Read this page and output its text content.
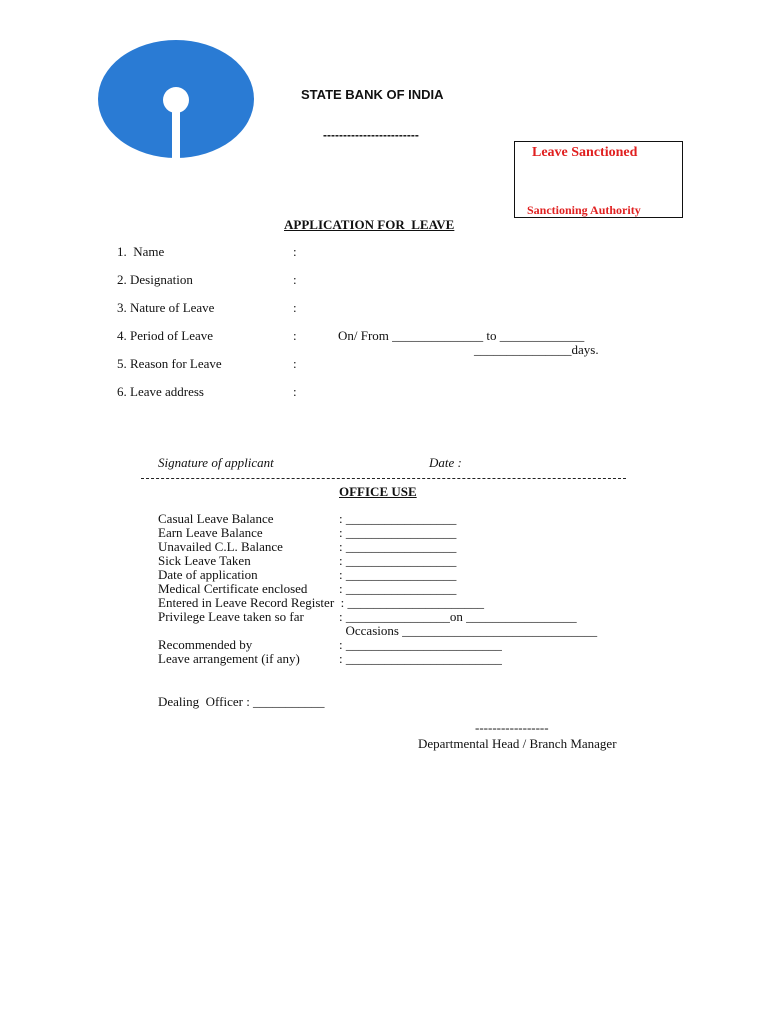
STATE BANK OF INDIA
------------------------
Leave Sanctioned
Sanctioning Authority
APPLICATION FOR  LEAVE
1.  Name	:
2. Designation	:
3. Nature of Leave	:
4. Period of Leave	:	On/ From ______________ to _____________
_______________days.
5. Reason for Leave	:
6. Leave address	:
Signature of applicant	Date :
OFFICE USE
Casual Leave Balance	: _________________
Earn Leave Balance	: _________________
Unavailed C.L. Balance	: _________________
Sick Leave Taken	: _________________
Date of application	: _________________
Medical Certificate enclosed : _________________
Entered in Leave Record Register  : _____________________
Privilege Leave taken so far	: ________________on _________________
Occasions ______________________________
Recommended by	: ________________________
Leave arrangement (if any)	: ________________________
Dealing  Officer : ___________
-----------------
Departmental Head / Branch Manager
